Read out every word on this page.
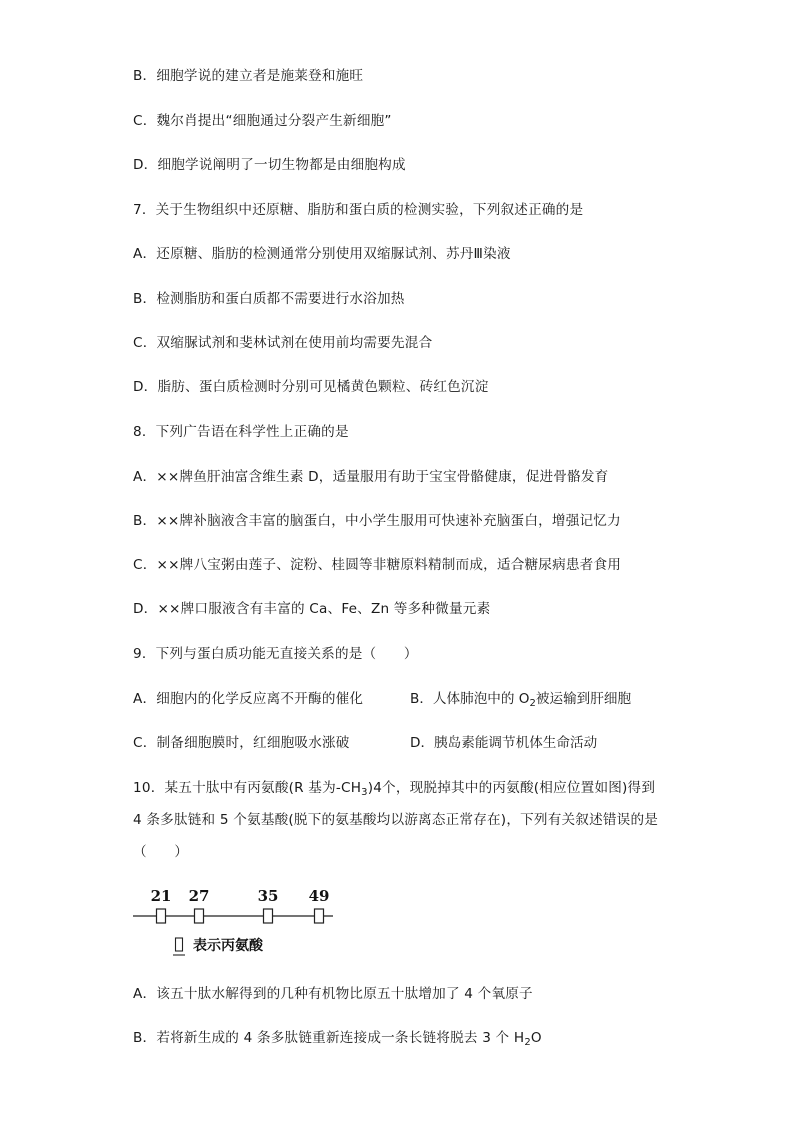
B．细胞学说的建立者是施莱登和施旺
C．魏尔肖提出“细胞通过分裂产生新细胞”
D．细胞学说阐明了一切生物都是由细胞构成
7．关于生物组织中还原糖、脂肪和蛋白质的检测实验，下列叙述正确的是
A．还原糖、脂肪的检测通常分别使用双缩脲试剂、苏丹Ⅲ染液
B．检测脂肪和蛋白质都不需要进行水浴加热
C．双缩脲试剂和斐林试剂在使用前均需要先混合
D．脂肪、蛋白质检测时分别可见橘黄色颗粒、砖红色沉淀
8．下列广告语在科学性上正确的是
A．××牌鱼肝油富含维生素 D，适量服用有助于宝宝骨骼健康，促进骨骼发育
B．××牌补脑液含丰富的脑蛋白，中小学生服用可快速补充脑蛋白，增强记忆力
C．××牌八宝粥由莲子、淀粉、桂圆等非糖原料精制而成，适合糖尿病患者食用
D．××牌口服液含有丰富的 Ca、Fe、Zn 等多种微量元素
9．下列与蛋白质功能无直接关系的是（　　）
A．细胞内的化学反应离不开酶的催化	B．人体肺泡中的 $O_2$被运输到肝细胞
C．制备细胞膜时，红细胞吸水涨破	D．胰岛素能调节机体生命活动
10．某五十肽中有丙氨酸(R 基为$-CH_3)4$个，现脱掉其中的丙氨酸(相应位置如图)得到
4 条多肽链和 5 个氨基酸(脱下的氨基酸均以游离态正常存在)，下列有关叙述错误的是
（　　）
21 27	35 49
表示丙氨酸
A．该五十肽水解得到的几种有机物比原五十肽增加了 4 个氧原子
B．若将新生成的 4 条多肽链重新连接成一条长链将脱去 3 个 $H_2O$
